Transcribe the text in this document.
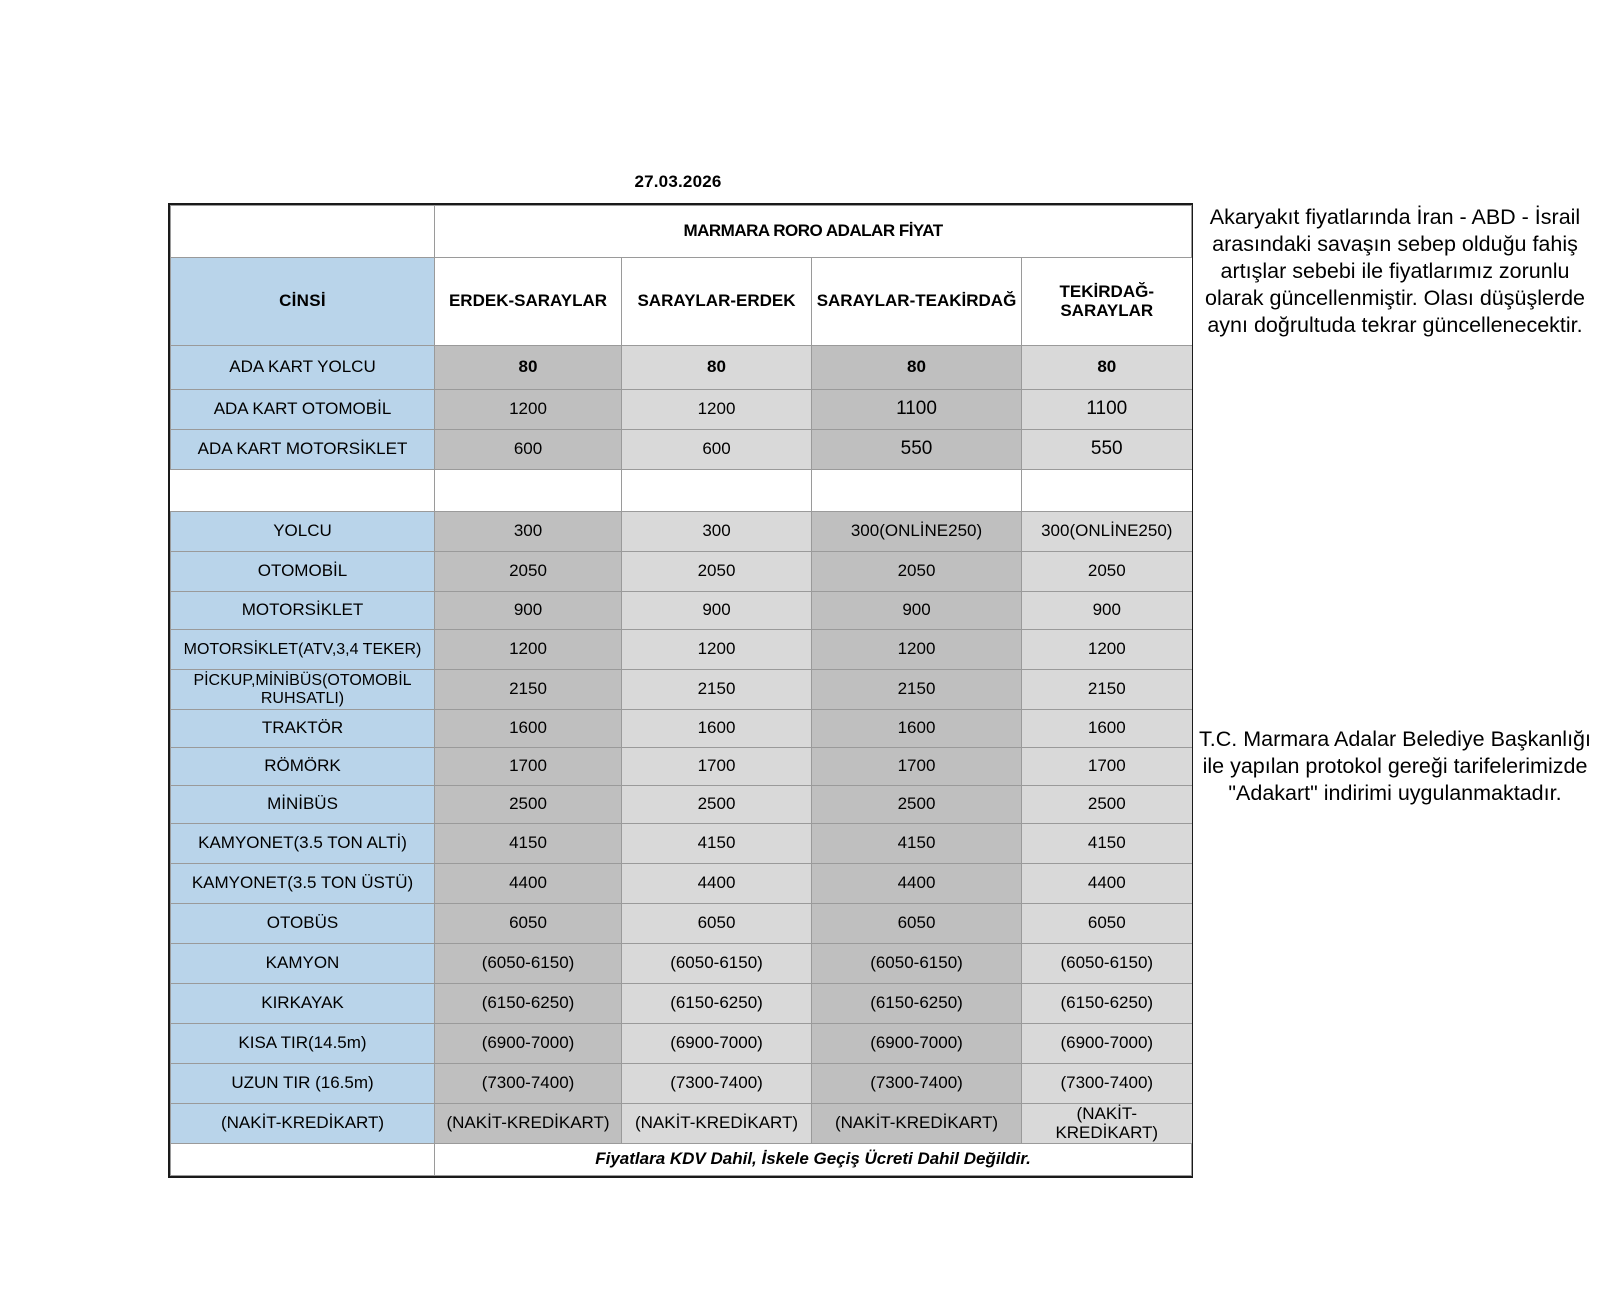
27.03.2026
	MARMARA RORO ADALAR FİYAT			
CİNSİ	ERDEK-SARAYLAR	SARAYLAR-ERDEK	SARAYLAR-TEAKİRDAĞ	TEKİRDAĞ-SARAYLAR
ADA KART YOLCU	80	80	80	80
ADA KART OTOMOBİL	1200	1200	1100	1100
ADA KART MOTORSİKLET	600	600	550	550

YOLCU	300	300	300(ONLİNE250)	300(ONLİNE250)
OTOMOBİL	2050	2050	2050	2050
MOTORSİKLET	900	900	900	900
MOTORSİKLET(ATV,3,4 TEKER)	1200	1200	1200	1200
PİCKUP,MİNİBÜS(OTOMOBİL RUHSATLI)	2150	2150	2150	2150
TRAKTÖR	1600	1600	1600	1600
RÖMÖRK	1700	1700	1700	1700
MİNİBÜS	2500	2500	2500	2500
KAMYONET(3.5 TON ALTİ)	4150	4150	4150	4150
KAMYONET(3.5 TON ÜSTÜ)	4400	4400	4400	4400
OTOBÜS	6050	6050	6050	6050
KAMYON	(6050-6150)	(6050-6150)	(6050-6150)	(6050-6150)
KIRKAYAK	(6150-6250)	(6150-6250)	(6150-6250)	(6150-6250)
KISA TIR(14.5m)	(6900-7000)	(6900-7000)	(6900-7000)	(6900-7000)
UZUN TIR (16.5m)	(7300-7400)	(7300-7400)	(7300-7400)	(7300-7400)
(NAKİT-KREDİKART)	(NAKİT-KREDİKART)	(NAKİT-KREDİKART)	(NAKİT-KREDİKART)	(NAKİT-KREDİKART)
	Fiyatlara KDV Dahil, İskele Geçiş Ücreti Dahil Değildir.			
Akaryakıt fiyatlarında İran - ABD - İsrail arasındaki savaşın sebep olduğu fahiş artışlar sebebi ile fiyatlarımız zorunlu olarak güncellenmiştir. Olası düşüşlerde aynı doğrultuda tekrar güncellenecektir.
T.C. Marmara Adalar Belediye Başkanlığı ile yapılan protokol gereği tarifelerimizde "Adakart" indirimi uygulanmaktadır.
